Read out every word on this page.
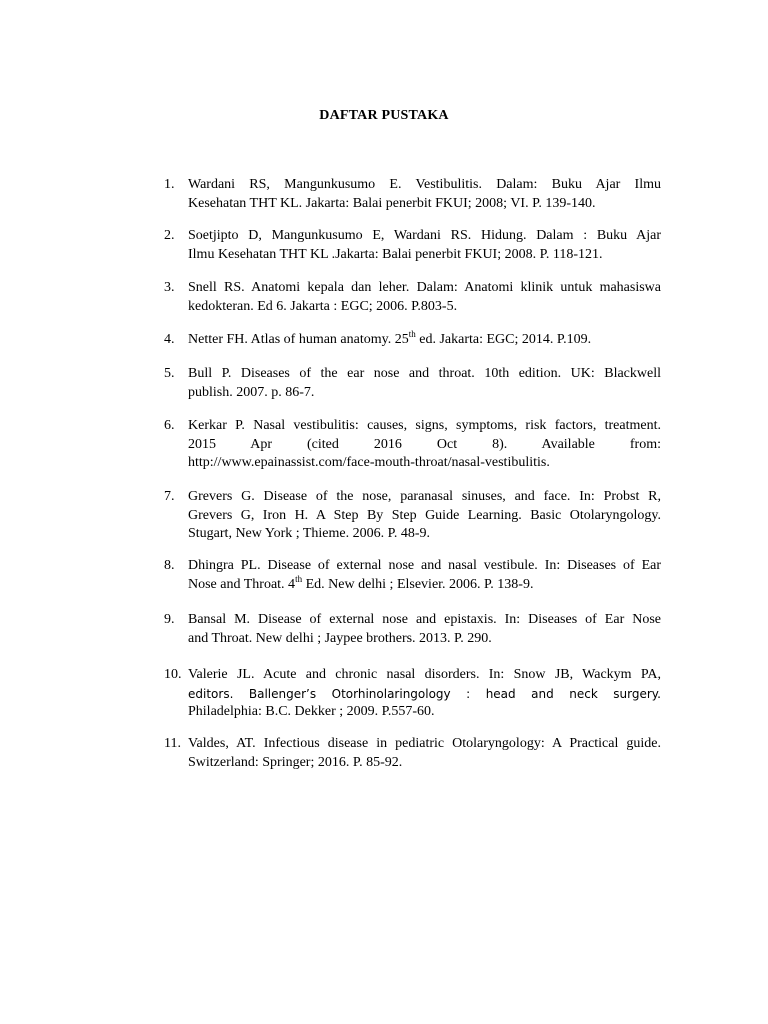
DAFTAR PUSTAKA
1. Wardani RS, Mangunkusumo E. Vestibulitis. Dalam: Buku Ajar Ilmu
Kesehatan THT KL. Jakarta: Balai penerbit FKUI; 2008; VI. P. 139-140.
2. Soetjipto D, Mangunkusumo E, Wardani RS. Hidung. Dalam : Buku Ajar
Ilmu Kesehatan THT KL .Jakarta: Balai penerbit FKUI; 2008. P. 118-121.
3. Snell RS. Anatomi kepala dan leher. Dalam: Anatomi klinik untuk mahasiswa
kedokteran. Ed 6. Jakarta : EGC; 2006. P.803-5.
4. Netter FH. Atlas of human anatomy. 25th ed. Jakarta: EGC; 2014. P.109.
5. Bull P. Diseases of the ear nose and throat. 10th edition. UK: Blackwell
publish. 2007. p. 86-7.
6. Kerkar P. Nasal vestibulitis: causes, signs, symptoms, risk factors, treatment.
2015 Apr (cited 2016 Oct 8). Available from:
http://www.epainassist.com/face-mouth-throat/nasal-vestibulitis.
7. Grevers G. Disease of the nose, paranasal sinuses, and face. In: Probst R,
Grevers G, Iron H. A Step By Step Guide Learning. Basic Otolaryngology.
Stugart, New York ; Thieme. 2006. P. 48-9.
8. Dhingra PL. Disease of external nose and nasal vestibule. In: Diseases of Ear
Nose and Throat. 4th Ed. New delhi ; Elsevier. 2006. P. 138-9.
9. Bansal M. Disease of external nose and epistaxis. In: Diseases of Ear Nose
and Throat. New delhi ; Jaypee brothers. 2013. P. 290.
10. Valerie JL. Acute and chronic nasal disorders. In: Snow JB, Wackym PA,
editors. Ballenger’s Otorhinolaringology : head and neck surgery.
Philadelphia: B.C. Dekker ; 2009. P.557-60.
11. Valdes, AT. Infectious disease in pediatric Otolaryngology: A Practical guide.
Switzerland: Springer; 2016. P. 85-92.
